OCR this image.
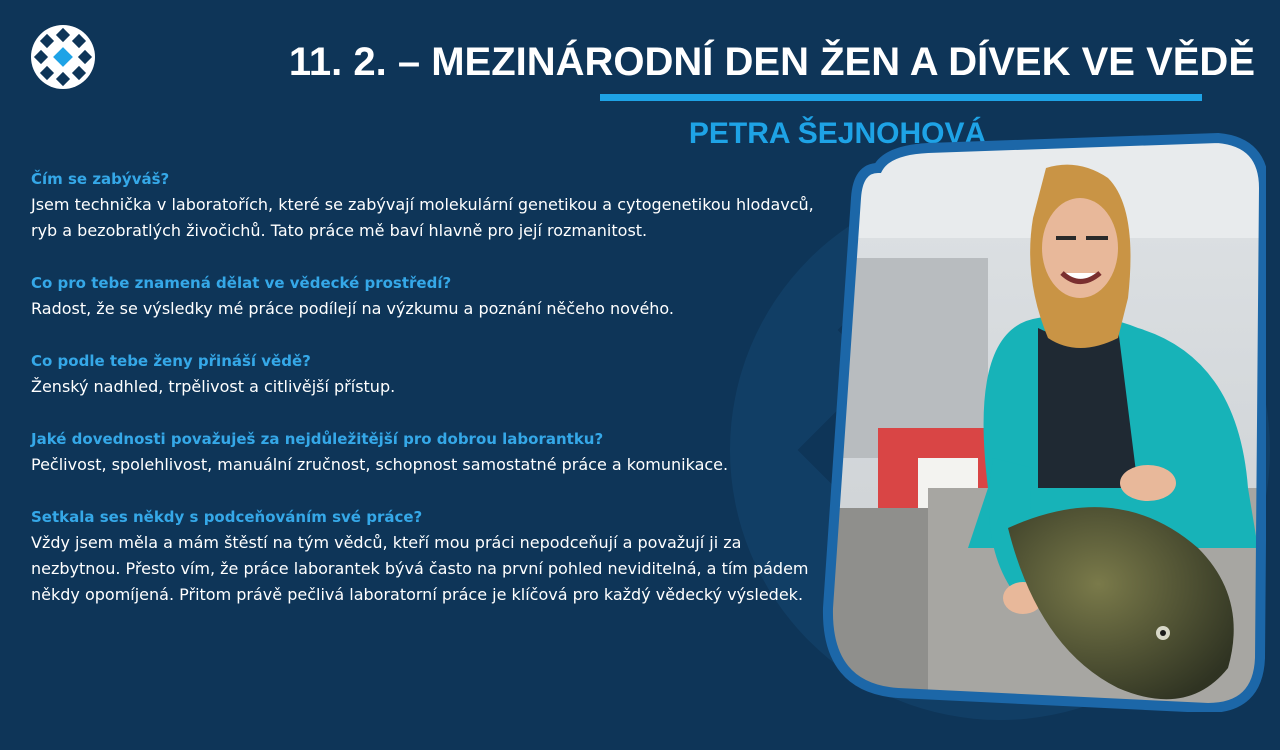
11. 2. – MEZINÁRODNÍ DEN ŽEN A DÍVEK VE VĚDĚ
PETRA ŠEJNOHOVÁ

Čím se zabýváš?

Jsem technička v laboratořích, které se zabývají molekulární genetikou a cytogenetikou hlodavců, ryb a bezobratlých živočichů. Tato práce mě baví hlavně pro její rozmanitost.

Co pro tebe znamená dělat ve vědecké prostředí?

Radost, že se výsledky mé práce podílejí na výzkumu a poznání něčeho nového.

Co podle tebe ženy přináší vědě?

Ženský nadhled, trpělivost a citlivější přístup.

Jaké dovednosti považuješ za nejdůležitější pro dobrou laborantku?

Pečlivost, spolehlivost, manuální zručnost, schopnost samostatné práce a komunikace.

Setkala ses někdy s podceňováním své práce?

Vždy jsem měla a mám štěstí na tým vědců, kteří mou práci nepodceňují a považují ji za nezbytnou. Přesto vím, že práce laborantek bývá často na první pohled neviditelná, a tím pádem někdy opomíjená. Přitom právě pečlivá laboratorní práce je klíčová pro každý vědecký výsledek.
